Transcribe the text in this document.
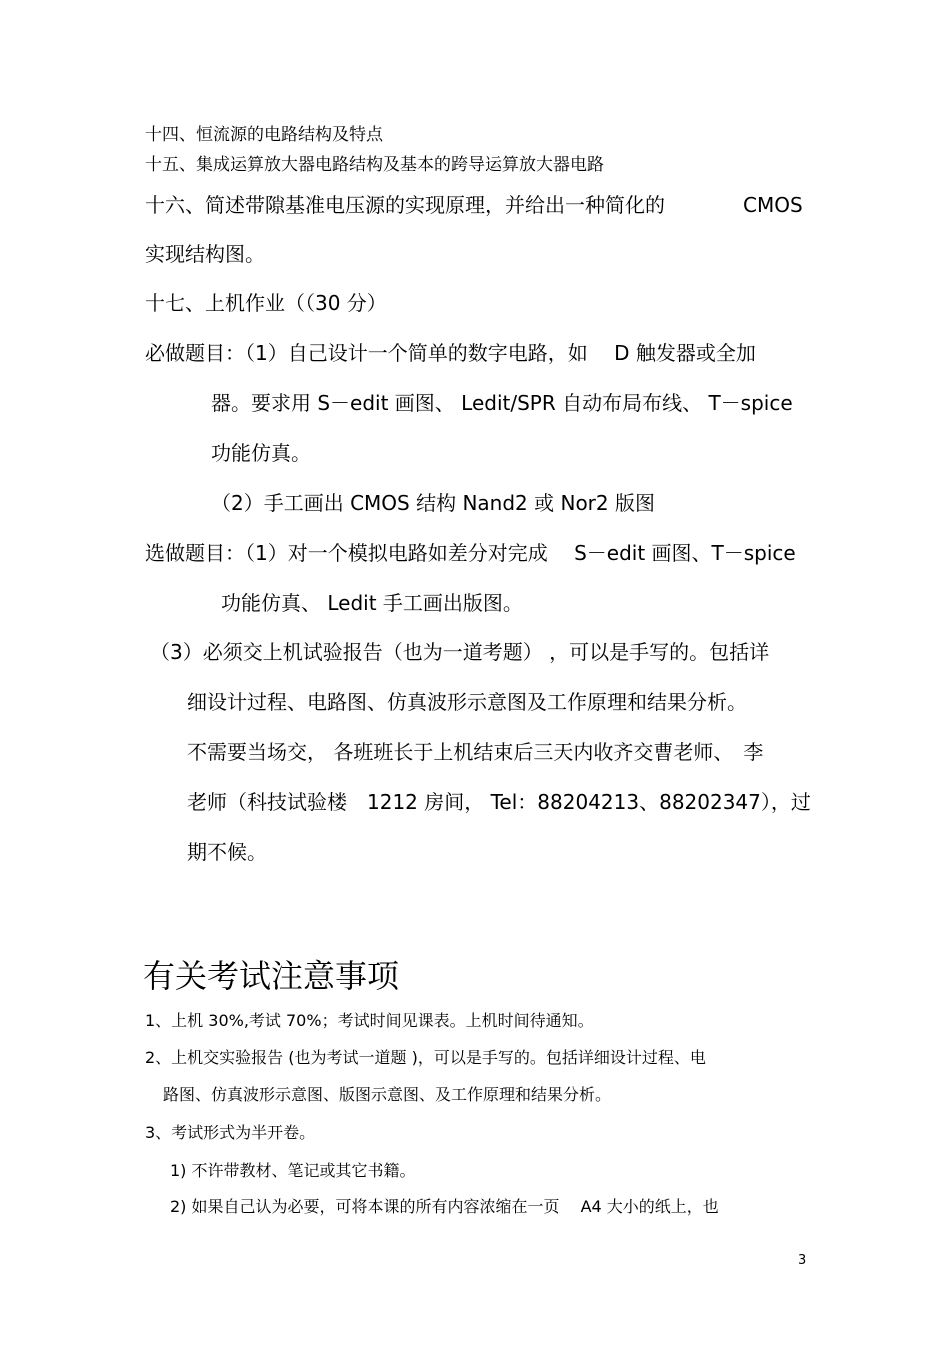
十四、恒流源的电路结构及特点
十五、集成运算放大器电路结构及基本的跨导运算放大器电路
十六、简述带隙基准电压源的实现原理，并给出一种简化的	CMOS
实现结构图。
十七、上机作业（（30 分）
必做题目：（1）自己设计一个简单的数字电路，如　 D 触发器或全加
器。要求用 S－edit 画图、 Ledit/SPR 自动布局布线、 T－spice
功能仿真。
（2）手工画出 CMOS 结构 Nand2 或 Nor2 版图
选做题目：（1）对一个模拟电路如差分对完成　 S－edit 画图、T－spice
功能仿真、 Ledit 手工画出版图。
（3）必须交上机试验报告（也为一道考题） ，可以是手写的。包括详
细设计过程、电路图、仿真波形示意图及工作原理和结果分析。
不需要当场交， 各班班长于上机结束后三天内收齐交曹老师、　李
老师（科技试验楼　1212 房间， Tel：88204213、88202347），过
期不候。
有关考试注意事项
1、上机 30%,考试 70%；考试时间见课表。上机时间待通知。
2、上机交实验报告 (也为考试一道题 )，可以是手写的。包括详细设计过程、电
路图、仿真波形示意图、版图示意图、及工作原理和结果分析。
3、考试形式为半开卷。
1) 不许带教材、笔记或其它书籍。
2) 如果自己认为必要，可将本课的所有内容浓缩在一页　 A4 大小的纸上，也
3
